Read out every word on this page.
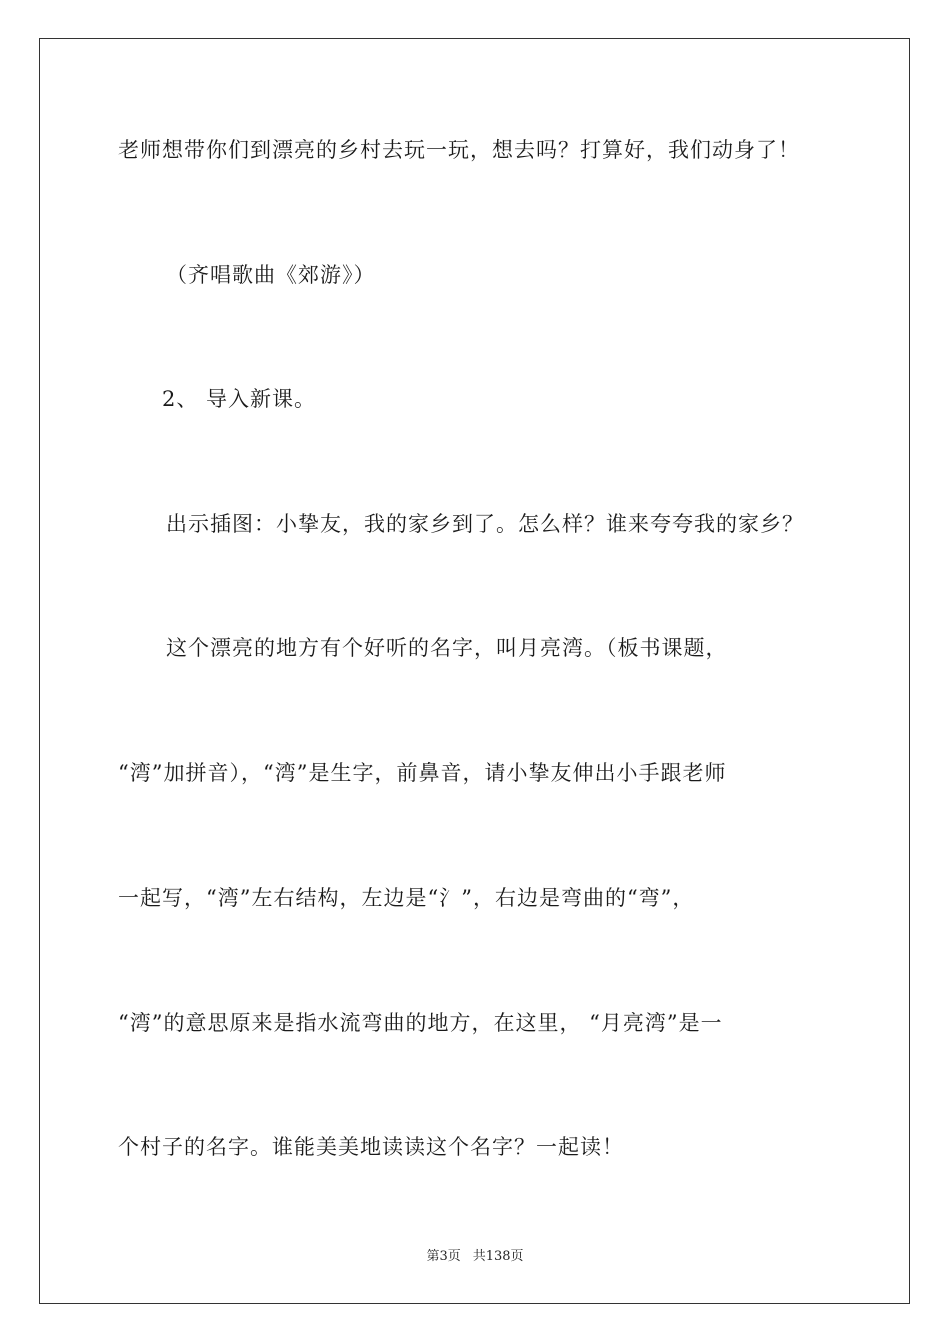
老师想带你们到漂亮的乡村去玩一玩，想去吗？打算好，我们动身了！
（齐唱歌曲《郊游》）
2、 导入新课。
出示插图：小挚友，我的家乡到了。怎么样？谁来夸夸我的家乡？
这个漂亮的地方有个好听的名字，叫月亮湾。（板书课题，
“湾”加拼音），“湾”是生字，前鼻音，请小挚友伸出小手跟老师
一起写，“湾”左右结构，左边是“氵”，右边是弯曲的“弯”，
“湾”的意思原来是指水流弯曲的地方，在这里， “月亮湾”是一
个村子的名字。谁能美美地读读这个名字？一起读！
第3页 共138页
